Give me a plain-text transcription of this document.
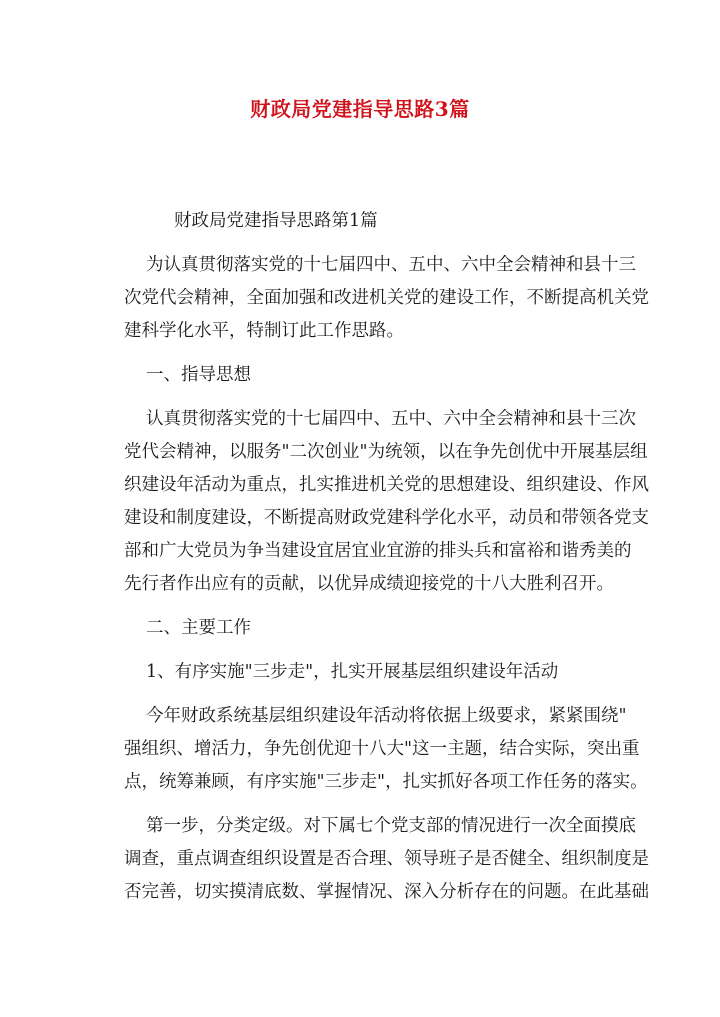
财政局党建指导思路3篇
财政局党建指导思路第1篇
为认真贯彻落实党的十七届四中、五中、六中全会精神和县十三
次党代会精神，全面加强和改进机关党的建设工作，不断提高机关党
建科学化水平，特制订此工作思路。
一、指导思想
认真贯彻落实党的十七届四中、五中、六中全会精神和县十三次
党代会精神，以服务"二次创业"为统领，以在争先创优中开展基层组
织建设年活动为重点，扎实推进机关党的思想建设、组织建设、作风
建设和制度建设，不断提高财政党建科学化水平，动员和带领各党支
部和广大党员为争当建设宜居宜业宜游的排头兵和富裕和谐秀美的
先行者作出应有的贡献，以优异成绩迎接党的十八大胜利召开。
二、主要工作
1、有序实施"三步走"，扎实开展基层组织建设年活动
今年财政系统基层组织建设年活动将依据上级要求，紧紧围绕"
强组织、增活力，争先创优迎十八大"这一主题，结合实际，突出重
点，统筹兼顾，有序实施"三步走"，扎实抓好各项工作任务的落实。
第一步，分类定级。对下属七个党支部的情况进行一次全面摸底
调查，重点调查组织设置是否合理、领导班子是否健全、组织制度是
否完善，切实摸清底数、掌握情况、深入分析存在的问题。在此基础
